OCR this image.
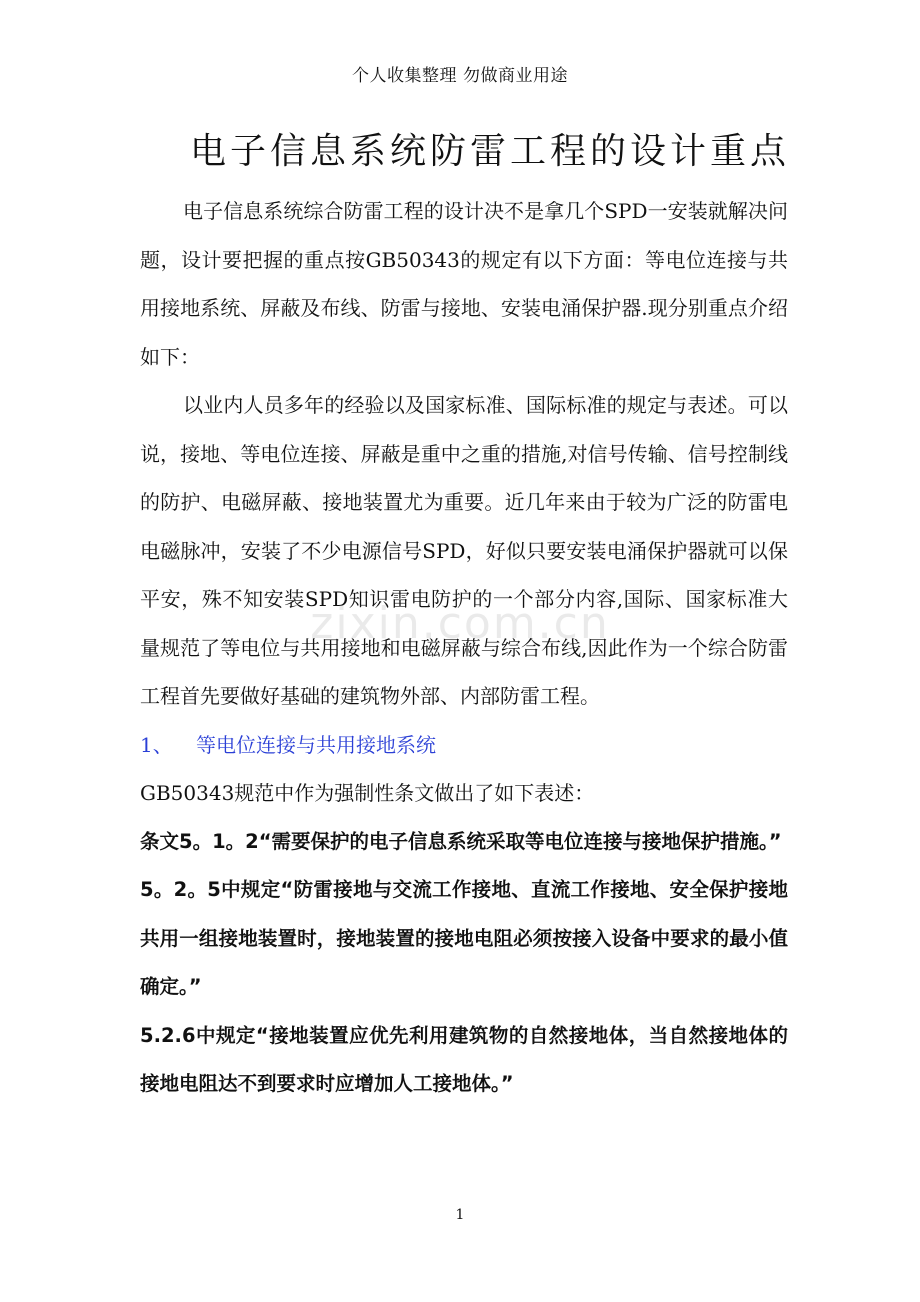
个人收集整理 勿做商业用途
电子信息系统防雷工程的设计重点

电子信息系统综合防雷工程的设计决不是拿几个SPD一安装就解决问题，设计要把握的重点按GB50343的规定有以下方面：等电位连接与共用接地系统、屏蔽及布线、防雷与接地、安装电涌保护器.现分别重点介绍如下：

以业内人员多年的经验以及国家标准、国际标准的规定与表述。可以说，接地、等电位连接、屏蔽是重中之重的措施,对信号传输、信号控制线的防护、电磁屏蔽、接地装置尤为重要。近几年来由于较为广泛的防雷电电磁脉冲，安装了不少电源信号SPD，好似只要安装电涌保护器就可以保平安，殊不知安装SPD知识雷电防护的一个部分内容,国际、国家标准大量规范了等电位与共用接地和电磁屏蔽与综合布线,因此作为一个综合防雷工程首先要做好基础的建筑物外部、内部防雷工程。

1、 等电位连接与共用接地系统

GB50343规范中作为强制性条文做出了如下表述：

条文5。1。2“需要保护的电子信息系统采取等电位连接与接地保护措施。”

5。2。5中规定“防雷接地与交流工作接地、直流工作接地、安全保护接地共用一组接地装置时，接地装置的接地电阻必须按接入设备中要求的最小值确定。”

5.2.6中规定“接地装置应优先利用建筑物的自然接地体，当自然接地体的接地电阻达不到要求时应增加人工接地体。”

zixin.com.cn
1
